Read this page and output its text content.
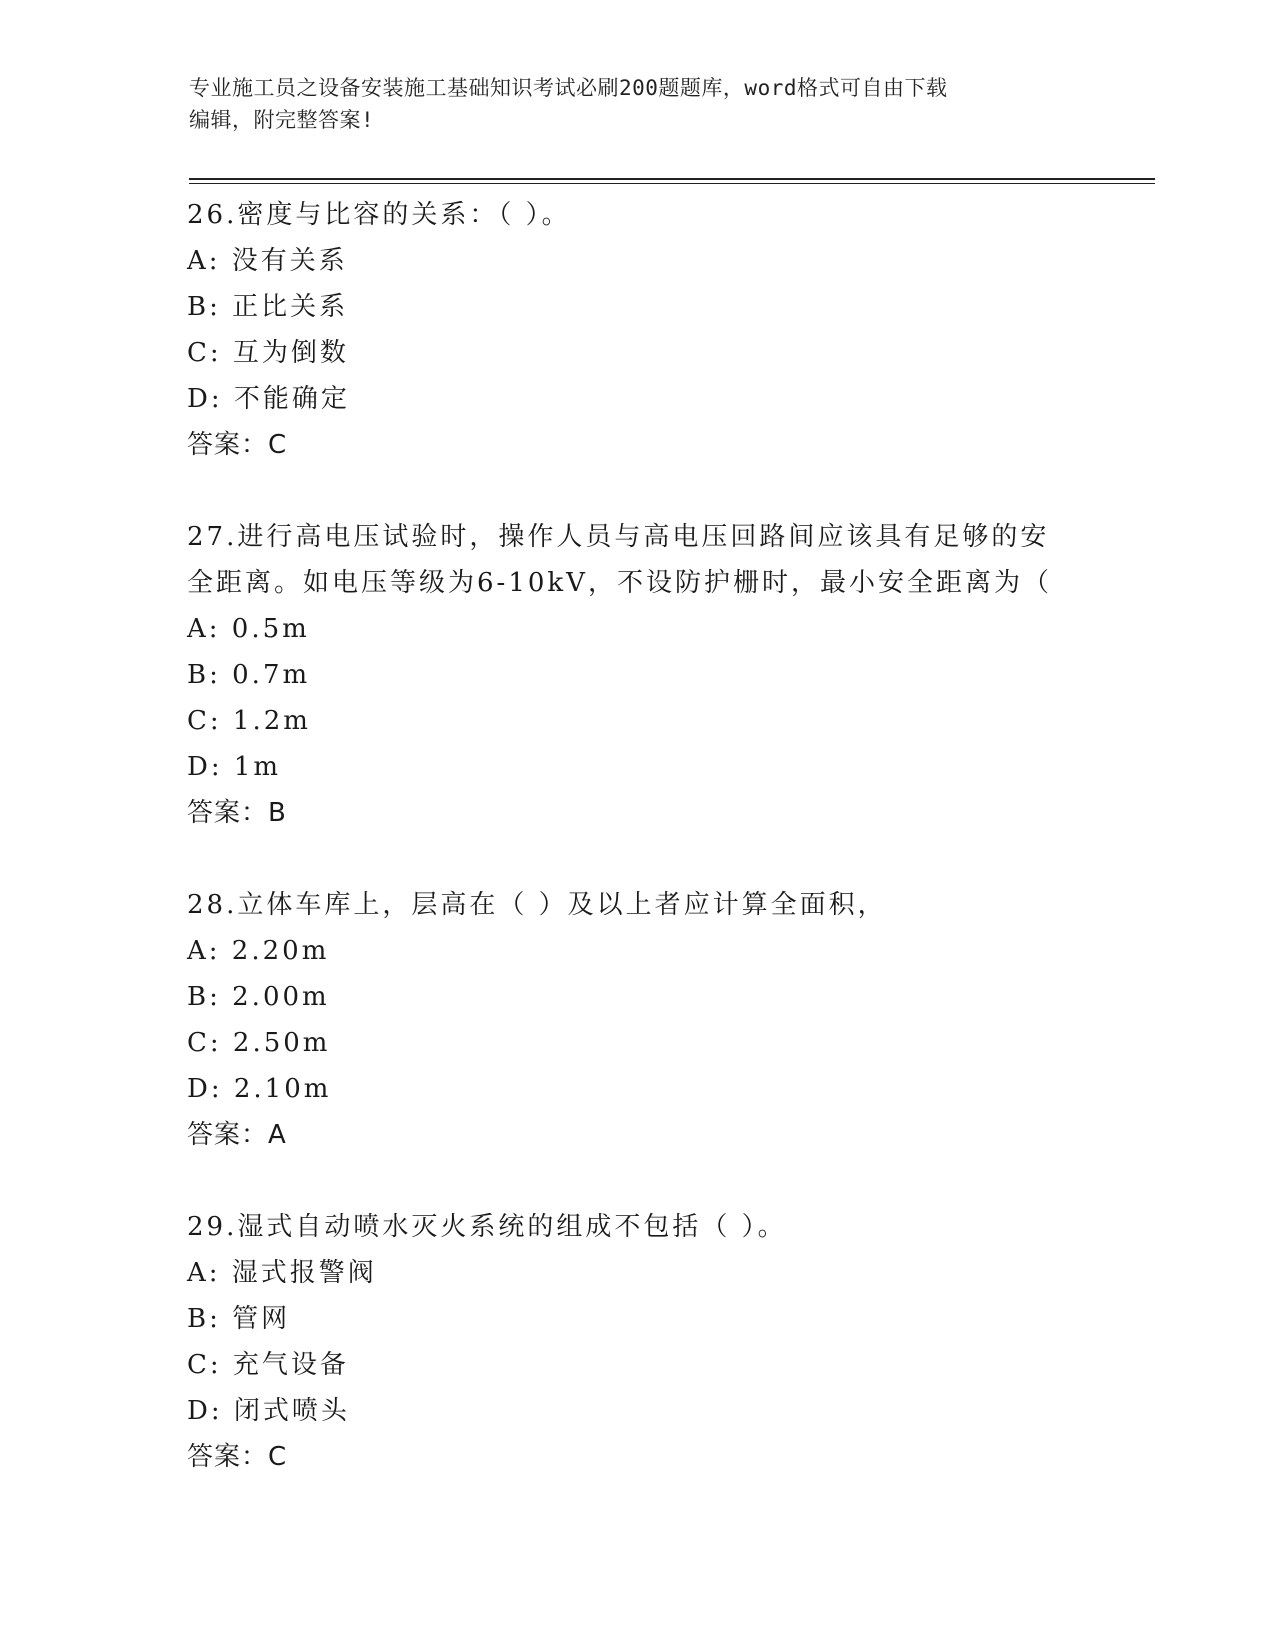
专业施工员之设备安装施工基础知识考试必刷200题题库，word格式可自由下载
编辑，附完整答案!
26.密度与比容的关系：（ ）。
A: 没有关系
B: 正比关系
C: 互为倒数
D: 不能确定
答案：C
27.进行高电压试验时，操作人员与高电压回路间应该具有足够的安全距离。如电压等级为6-10kV，不设防护栅时，最小安全距离为（
A: 0.5m
B: 0.7m
C: 1.2m
D: 1m
答案：B
28.立体车库上，层高在（ ）及以上者应计算全面积，
A: 2.20m
B: 2.00m
C: 2.50m
D: 2.10m
答案：A
29.湿式自动喷水灭火系统的组成不包括（ ）。
A: 湿式报警阀
B: 管网
C: 充气设备
D: 闭式喷头
答案：C
